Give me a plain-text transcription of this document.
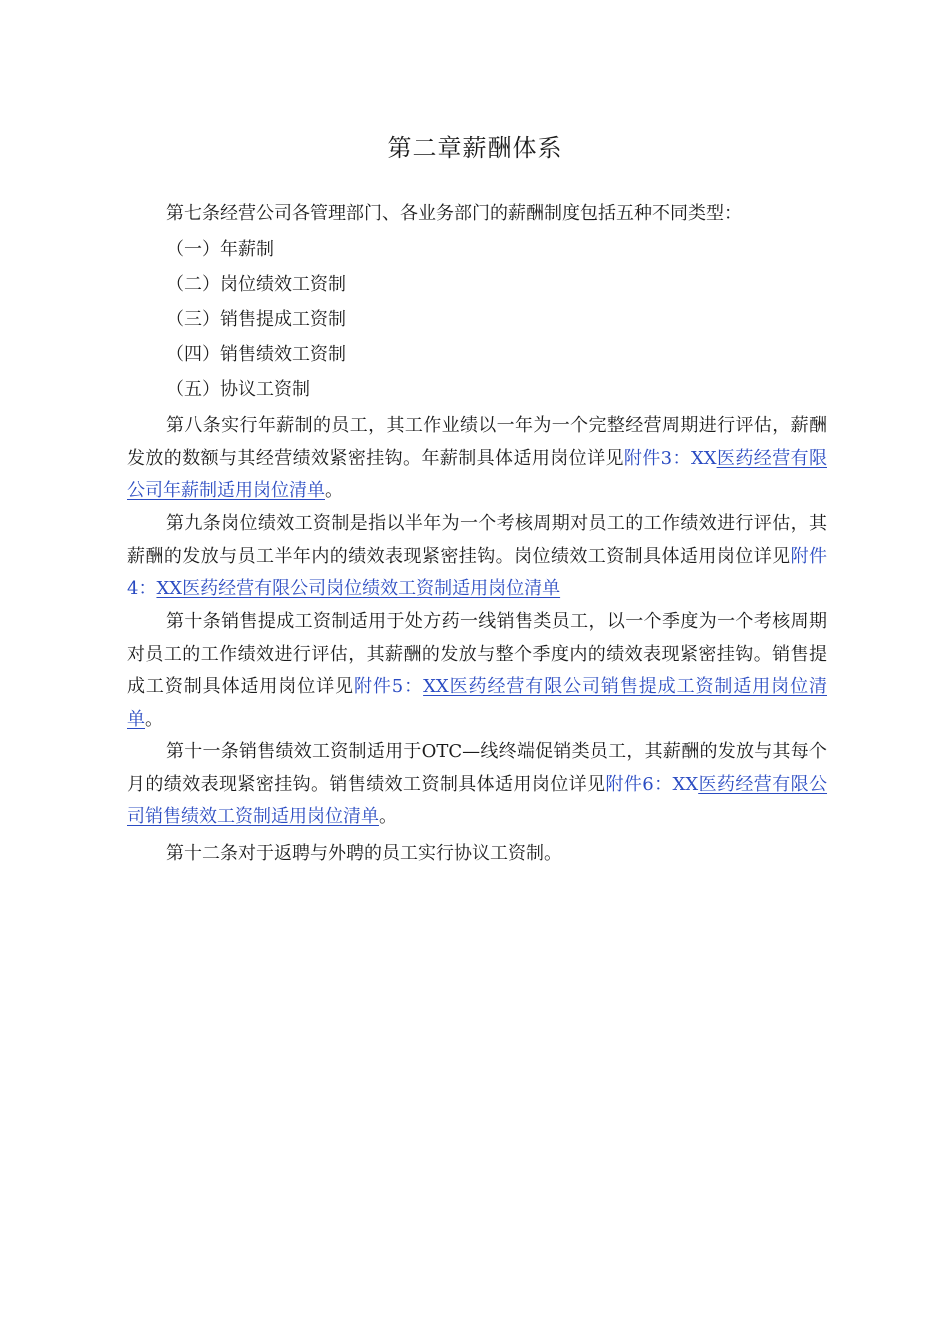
第二章薪酬体系

第七条经营公司各管理部门、各业务部门的薪酬制度包括五种不同类型：

（一）年薪制

（二）岗位绩效工资制

（三）销售提成工资制

（四）销售绩效工资制

（五）协议工资制

第八条实行年薪制的员工，其工作业绩以一年为一个完整经营周期进行评估，薪酬发放的数额与其经营绩效紧密挂钩。年薪制具体适用岗位详见附件3：XX医药经营有限公司年薪制适用岗位清单。

第九条岗位绩效工资制是指以半年为一个考核周期对员工的工作绩效进行评估，其薪酬的发放与员工半年内的绩效表现紧密挂钩。岗位绩效工资制具体适用岗位详见附件4：XX医药经营有限公司岗位绩效工资制适用岗位清单

第十条销售提成工资制适用于处方药一线销售类员工，以一个季度为一个考核周期对员工的工作绩效进行评估，其薪酬的发放与整个季度内的绩效表现紧密挂钩。销售提成工资制具体适用岗位详见附件5：XX医药经营有限公司销售提成工资制适用岗位清单。

第十一条销售绩效工资制适用于OTC—线终端促销类员工，其薪酬的发放与其每个月的绩效表现紧密挂钩。销售绩效工资制具体适用岗位详见附件6：XX医药经营有限公司销售绩效工资制适用岗位清单。

第十二条对于返聘与外聘的员工实行协议工资制。
